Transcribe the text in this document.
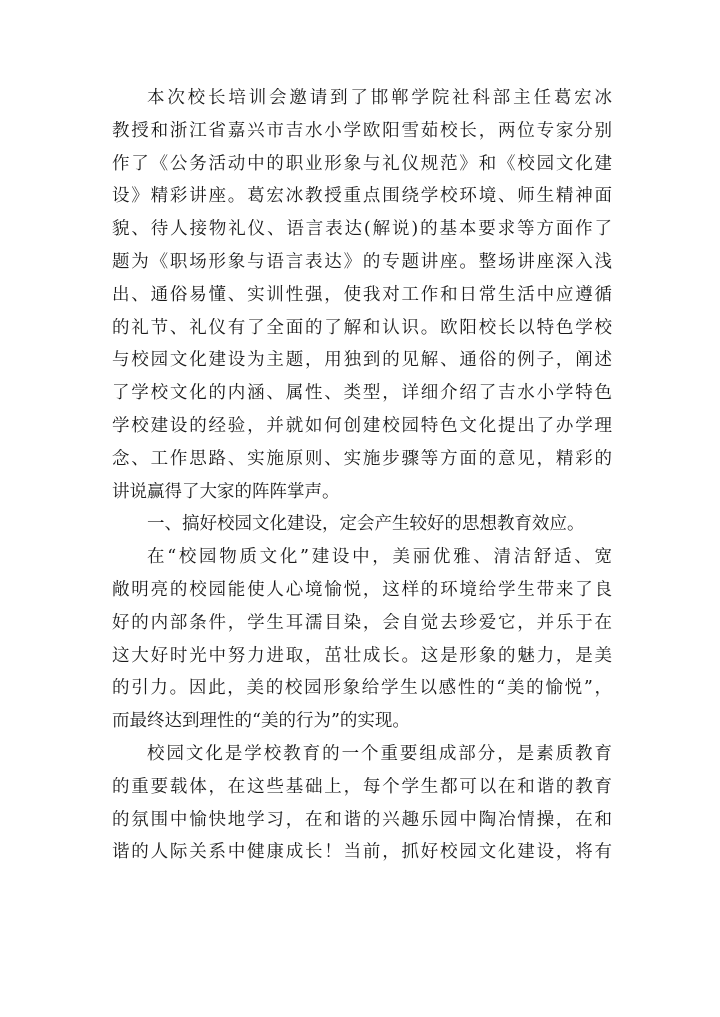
本次校长培训会邀请到了邯郸学院社科部主任葛宏冰
教授和浙江省嘉兴市吉水小学欧阳雪茹校长，两位专家分别
作了《公务活动中的职业形象与礼仪规范》和《校园文化建
设》精彩讲座。葛宏冰教授重点围绕学校环境、师生精神面
貌、待人接物礼仪、语言表达(解说)的基本要求等方面作了
题为《职场形象与语言表达》的专题讲座。整场讲座深入浅
出、通俗易懂、实训性强，使我对工作和日常生活中应遵循
的礼节、礼仪有了全面的了解和认识。欧阳校长以特色学校
与校园文化建设为主题，用独到的见解、通俗的例子，阐述
了学校文化的内涵、属性、类型，详细介绍了吉水小学特色
学校建设的经验，并就如何创建校园特色文化提出了办学理
念、工作思路、实施原则、实施步骤等方面的意见，精彩的
讲说赢得了大家的阵阵掌声。
一、搞好校园文化建设，定会产生较好的思想教育效应。
在“校园物质文化”建设中，美丽优雅、清洁舒适、宽
敞明亮的校园能使人心境愉悦，这样的环境给学生带来了良
好的内部条件，学生耳濡目染，会自觉去珍爱它，并乐于在
这大好时光中努力进取，茁壮成长。这是形象的魅力，是美
的引力。因此，美的校园形象给学生以感性的“美的愉悦”，
而最终达到理性的“美的行为”的实现。
校园文化是学校教育的一个重要组成部分，是素质教育
的重要载体，在这些基础上，每个学生都可以在和谐的教育
的氛围中愉快地学习，在和谐的兴趣乐园中陶冶情操，在和
谐的人际关系中健康成长！当前，抓好校园文化建设，将有
